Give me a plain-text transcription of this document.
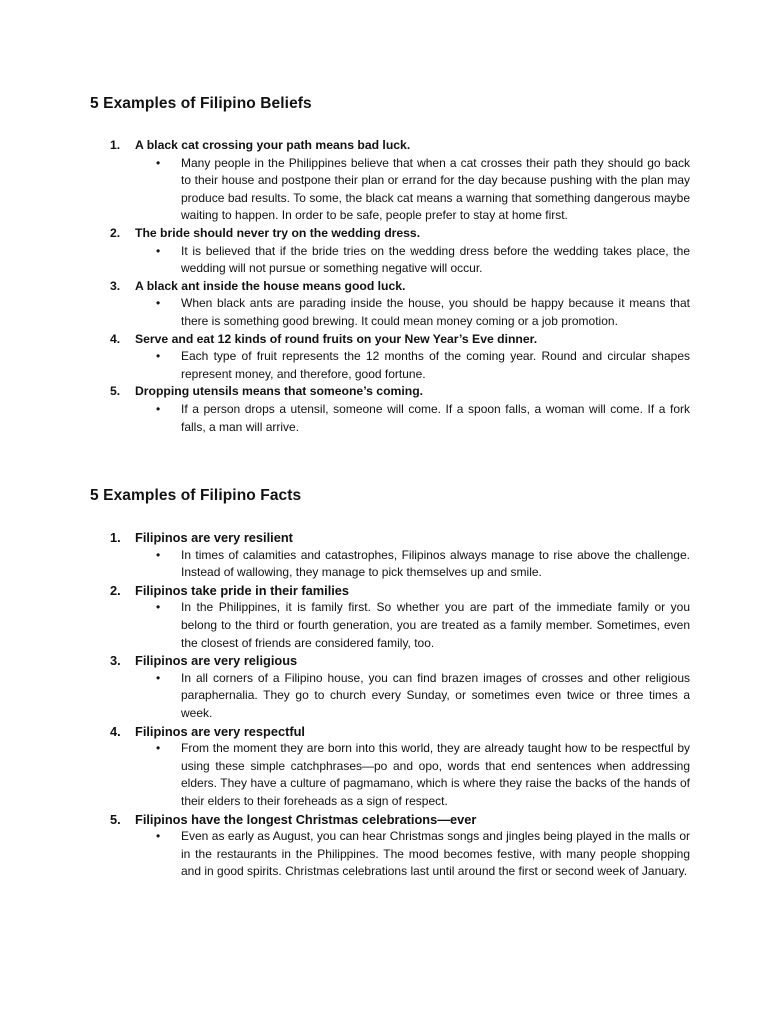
5 Examples of Filipino Beliefs
1.	A black cat crossing your path means bad luck.
• Many people in the Philippines believe that when a cat crosses their path they should go back to their house and postpone their plan or errand for the day because pushing with the plan may produce bad results. To some, the black cat means a warning that something dangerous maybe waiting to happen. In order to be safe, people prefer to stay at home first.
2.	The bride should never try on the wedding dress.
• It is believed that if the bride tries on the wedding dress before the wedding takes place, the wedding will not pursue or something negative will occur.
3.	A black ant inside the house means good luck.
• When black ants are parading inside the house, you should be happy because it means that there is something good brewing. It could mean money coming or a job promotion.
4.	Serve and eat 12 kinds of round fruits on your New Year’s Eve dinner.
• Each type of fruit represents the 12 months of the coming year. Round and circular shapes represent money, and therefore, good fortune.
5.	Dropping utensils means that someone’s coming.
• If a person drops a utensil, someone will come. If a spoon falls, a woman will come. If a fork falls, a man will arrive.
5 Examples of Filipino Facts
1.	Filipinos are very resilient
• In times of calamities and catastrophes, Filipinos always manage to rise above the challenge. Instead of wallowing, they manage to pick themselves up and smile.
2.	Filipinos take pride in their families
• In the Philippines, it is family first. So whether you are part of the immediate family or you belong to the third or fourth generation, you are treated as a family member. Sometimes, even the closest of friends are considered family, too.
3.	Filipinos are very religious
• In all corners of a Filipino house, you can find brazen images of crosses and other religious paraphernalia. They go to church every Sunday, or sometimes even twice or three times a week.
4.	Filipinos are very respectful
• From the moment they are born into this world, they are already taught how to be respectful by using these simple catchphrases—po and opo, words that end sentences when addressing elders. They have a culture of pagmamano, which is where they raise the backs of the hands of their elders to their foreheads as a sign of respect.
5.	Filipinos have the longest Christmas celebrations—ever
• Even as early as August, you can hear Christmas songs and jingles being played in the malls or in the restaurants in the Philippines. The mood becomes festive, with many people shopping and in good spirits. Christmas celebrations last until around the first or second week of January.
